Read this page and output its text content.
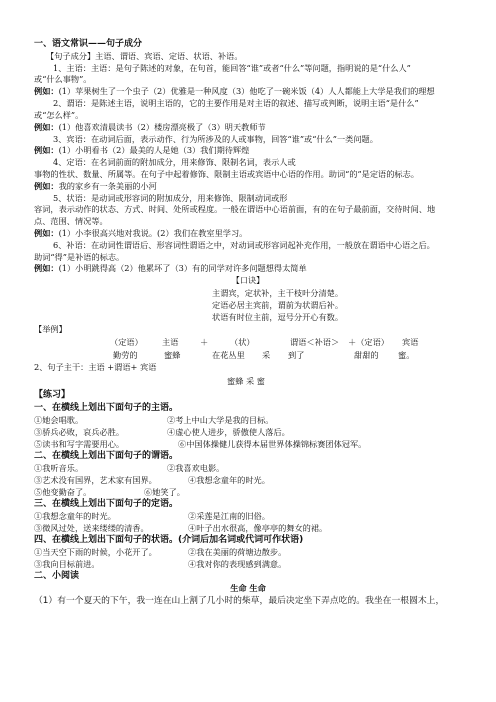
一、语文常识——句子成分
【句子成分】主语、谓语、宾语、定语、状语、补语。
1、主语：主语：是句子陈述的对象，在句首，能回答“谁”或者“什么”等问题，指明说的是“什么人”
或“什么事物”。
例如：(1）苹果树生了一个虫子（2）优雅是一种风度（3）他吃了一碗米饭（4）人人都能上大学是我们的理想
2、谓语：是陈述主语，说明主语的，它的主要作用是对主语的叙述、描写或判断，说明主语“是什么”
或“怎么样”。
例如：(1）他喜欢清晨读书（2）楼房漂亮极了（3）明天教师节
3、宾语：在动词后面，表示动作、行为所涉及的人或事物，回答“谁”或“什么”一类问题。
例如：(1）小明看书（2）最美的人是她（3）我们期待辉煌
4、定语：在名词前面的附加成分，用来修饰、限制名词，表示人或
事物的性状、数量、所属等。在句子中起着修饰、限制主语或宾语中心语的作用。助词“的”是定语的标志。
例如：我的家乡有一条美丽的小河
5、状语：是动词或形容词的附加成分，用来修饰、限制动词或形
容词，表示动作的状态、方式、时间、处所或程度。一般在谓语中心语前面，有的在句子最前面，交待时间、地
点、范围、情况等。
例如：(1）小李很高兴地对我说。(2）我们在教室里学习。
6、补语：在动词性谓语后、形容词性谓语之中，对动词或形容词起补充作用，一般放在谓语中心语之后。
助词“得”是补语的标志。
例如：(1）小明跳得高（2）他累坏了（3）有的同学对许多问题想得太简单
【口诀】
主谓宾，定状补，主干枝叶分清楚。
定语必居主宾前，谓前为状谓后补。
状语有时位主前，逗号分开心有数。
【举例】
（定语） 主语	＋	（状）	谓语＜补语＞ ＋（定语） 宾语
勤劳的	蜜蜂	在花丛里 采 到了	甜甜的 蜜。
2、句子主干：主语 +谓语+ 宾语
蜜蜂 采 蜜
【练习】
一、在横线上划出下面句子的主语。
①她会唱歌。	②考上中山大学是我的目标。
③骄兵必败，哀兵必胜。	④虚心使人进步，骄傲使人落后。
⑤读书和写字需要用心。	⑥中国体操健儿获得本届世界体操锦标赛团体冠军。
二、在横线上划出下面句子的谓语。
①我听音乐。	②我喜欢电影。
③艺术没有国界，艺术家有国界。	④我想念童年的时光。
⑤他变勤奋了。	⑥她笑了。
三、在横线上划出下面句子的定语。
①我想念童年的时光。	②采莲是江南的旧俗。
③微风过处，送来缕缕的清香。	④叶子出水很高，像亭亭的舞女的裙。
四、在横线上划出下面句子的状语。(介词后加名词或代词可作状语)
①当天空下雨的时候，小花开了。	②我在美丽的荷塘边散步。
③我向目标前进。	④我对你的表现感到满意。
二、小阅读
生命 生命
（1）有一个夏天的下午，我一连在山上割了几小时的柴草，最后决定坐下弄点吃的。我坐在一根圆木上，
